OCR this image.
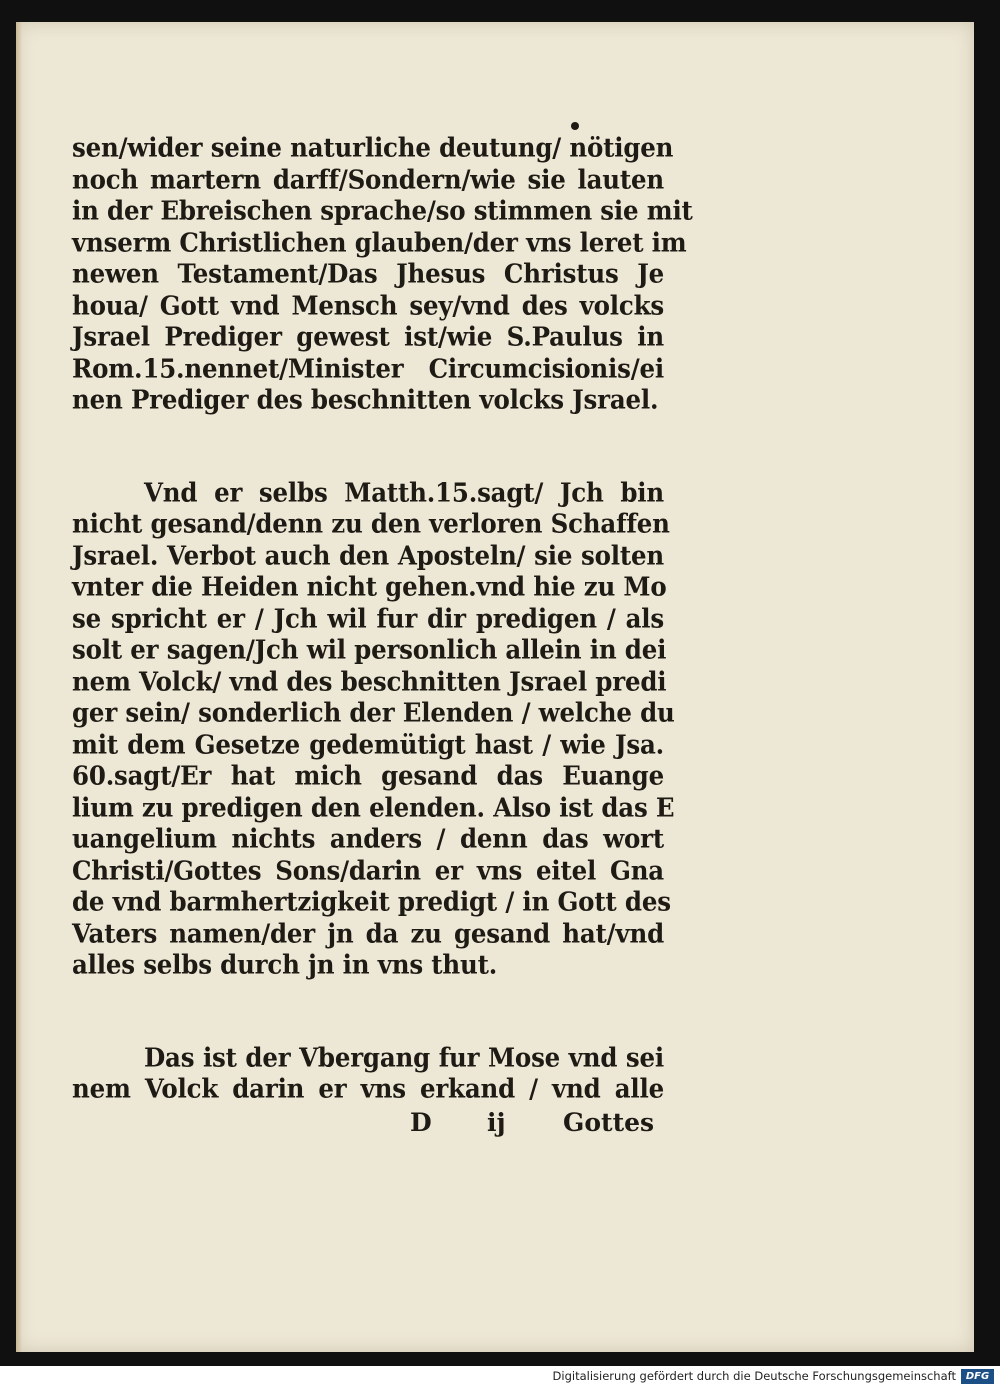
sen/wider seine naturliche deutung/ nötigen
noch martern darff/Sondern/wie sie lauten
in der Ebreischen sprache/so stimmen sie mit
vnserm Christlichen glauben/der vns leret im
newen Testament/Das Jhesus Christus Je
houa/ Gott vnd Mensch sey/vnd des volcks
Jsrael Prediger gewest ist/wie S.Paulus in
Rom.15.nennet/Minister Circumcisionis/ei
nen Prediger des beschnitten volcks Jsrael.
Vnd er selbs Matth.15.sagt/ Jch bin
nicht gesand/denn zu den verloren Schaffen
Jsrael. Verbot auch den Aposteln/ sie solten
vnter die Heiden nicht gehen.vnd hie zu Mo
se spricht er / Jch wil fur dir predigen / als
solt er sagen/Jch wil personlich allein in dei
nem Volck/ vnd des beschnitten Jsrael predi
ger sein/ sonderlich der Elenden / welche du
mit dem Gesetze gedemütigt hast / wie Jsa.
60.sagt/Er hat mich gesand das Euange
lium zu predigen den elenden. Also ist das E
uangelium nichts anders / denn das wort
Christi/Gottes Sons/darin er vns eitel Gna
de vnd barmhertzigkeit predigt / in Gott des
Vaters namen/der jn da zu gesand hat/vnd
alles selbs durch jn in vns thut.
Das ist der Vbergang fur Mose vnd sei
nem Volck darin er vns erkand / vnd alle
D ij Gottes
Digitalisierung gefördert durch die Deutsche Forschungsgemeinschaft DFG
